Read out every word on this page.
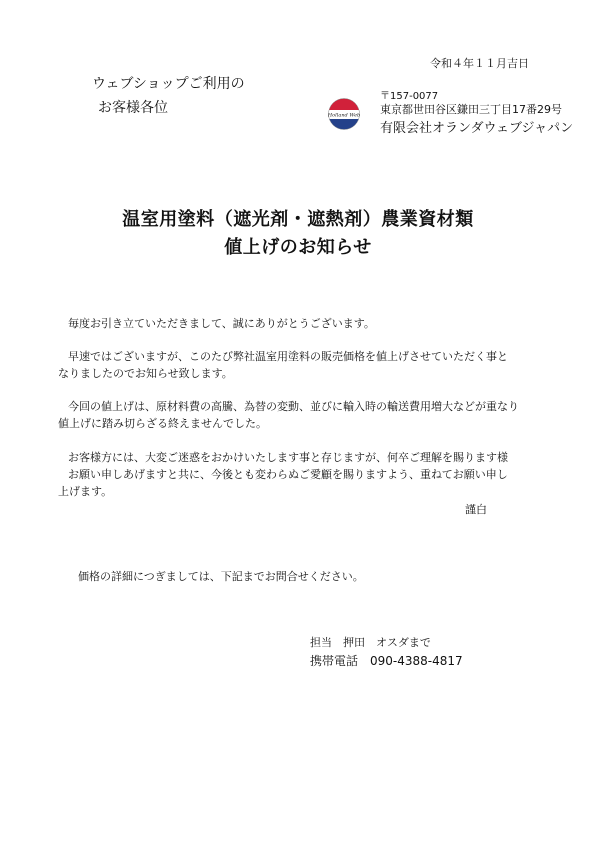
令和４年１１月吉日
ウェブショップご利用の
お客様各位	Holland Web
〒157-0077
東京都世田谷区鎌田三丁目17番29号
有限会社オランダウェブジャパン
温室用塗料（遮光剤・遮熱剤）農業資材類
値上げのお知らせ
毎度お引き立ていただきまして、誠にありがとうございます。
早速ではございますが、このたび弊社温室用塗料の販売価格を値上げさせていただく事と
なりましたのでお知らせ致します。
今回の値上げは、原材料費の高騰、為替の変動、並びに輸入時の輸送費用増大などが重なり
値上げに踏み切らざる終えませんでした。
お客様方には、大変ご迷惑をおかけいたします事と存じますが、何卒ご理解を賜ります様
お願い申しあげますと共に、今後とも変わらぬご愛顧を賜りますよう、重ねてお願い申し
上げます。
謹白
価格の詳細につぎましては、下記までお問合せください。
担当　押田　オスダまで
携帯電話　090-4388-4817
